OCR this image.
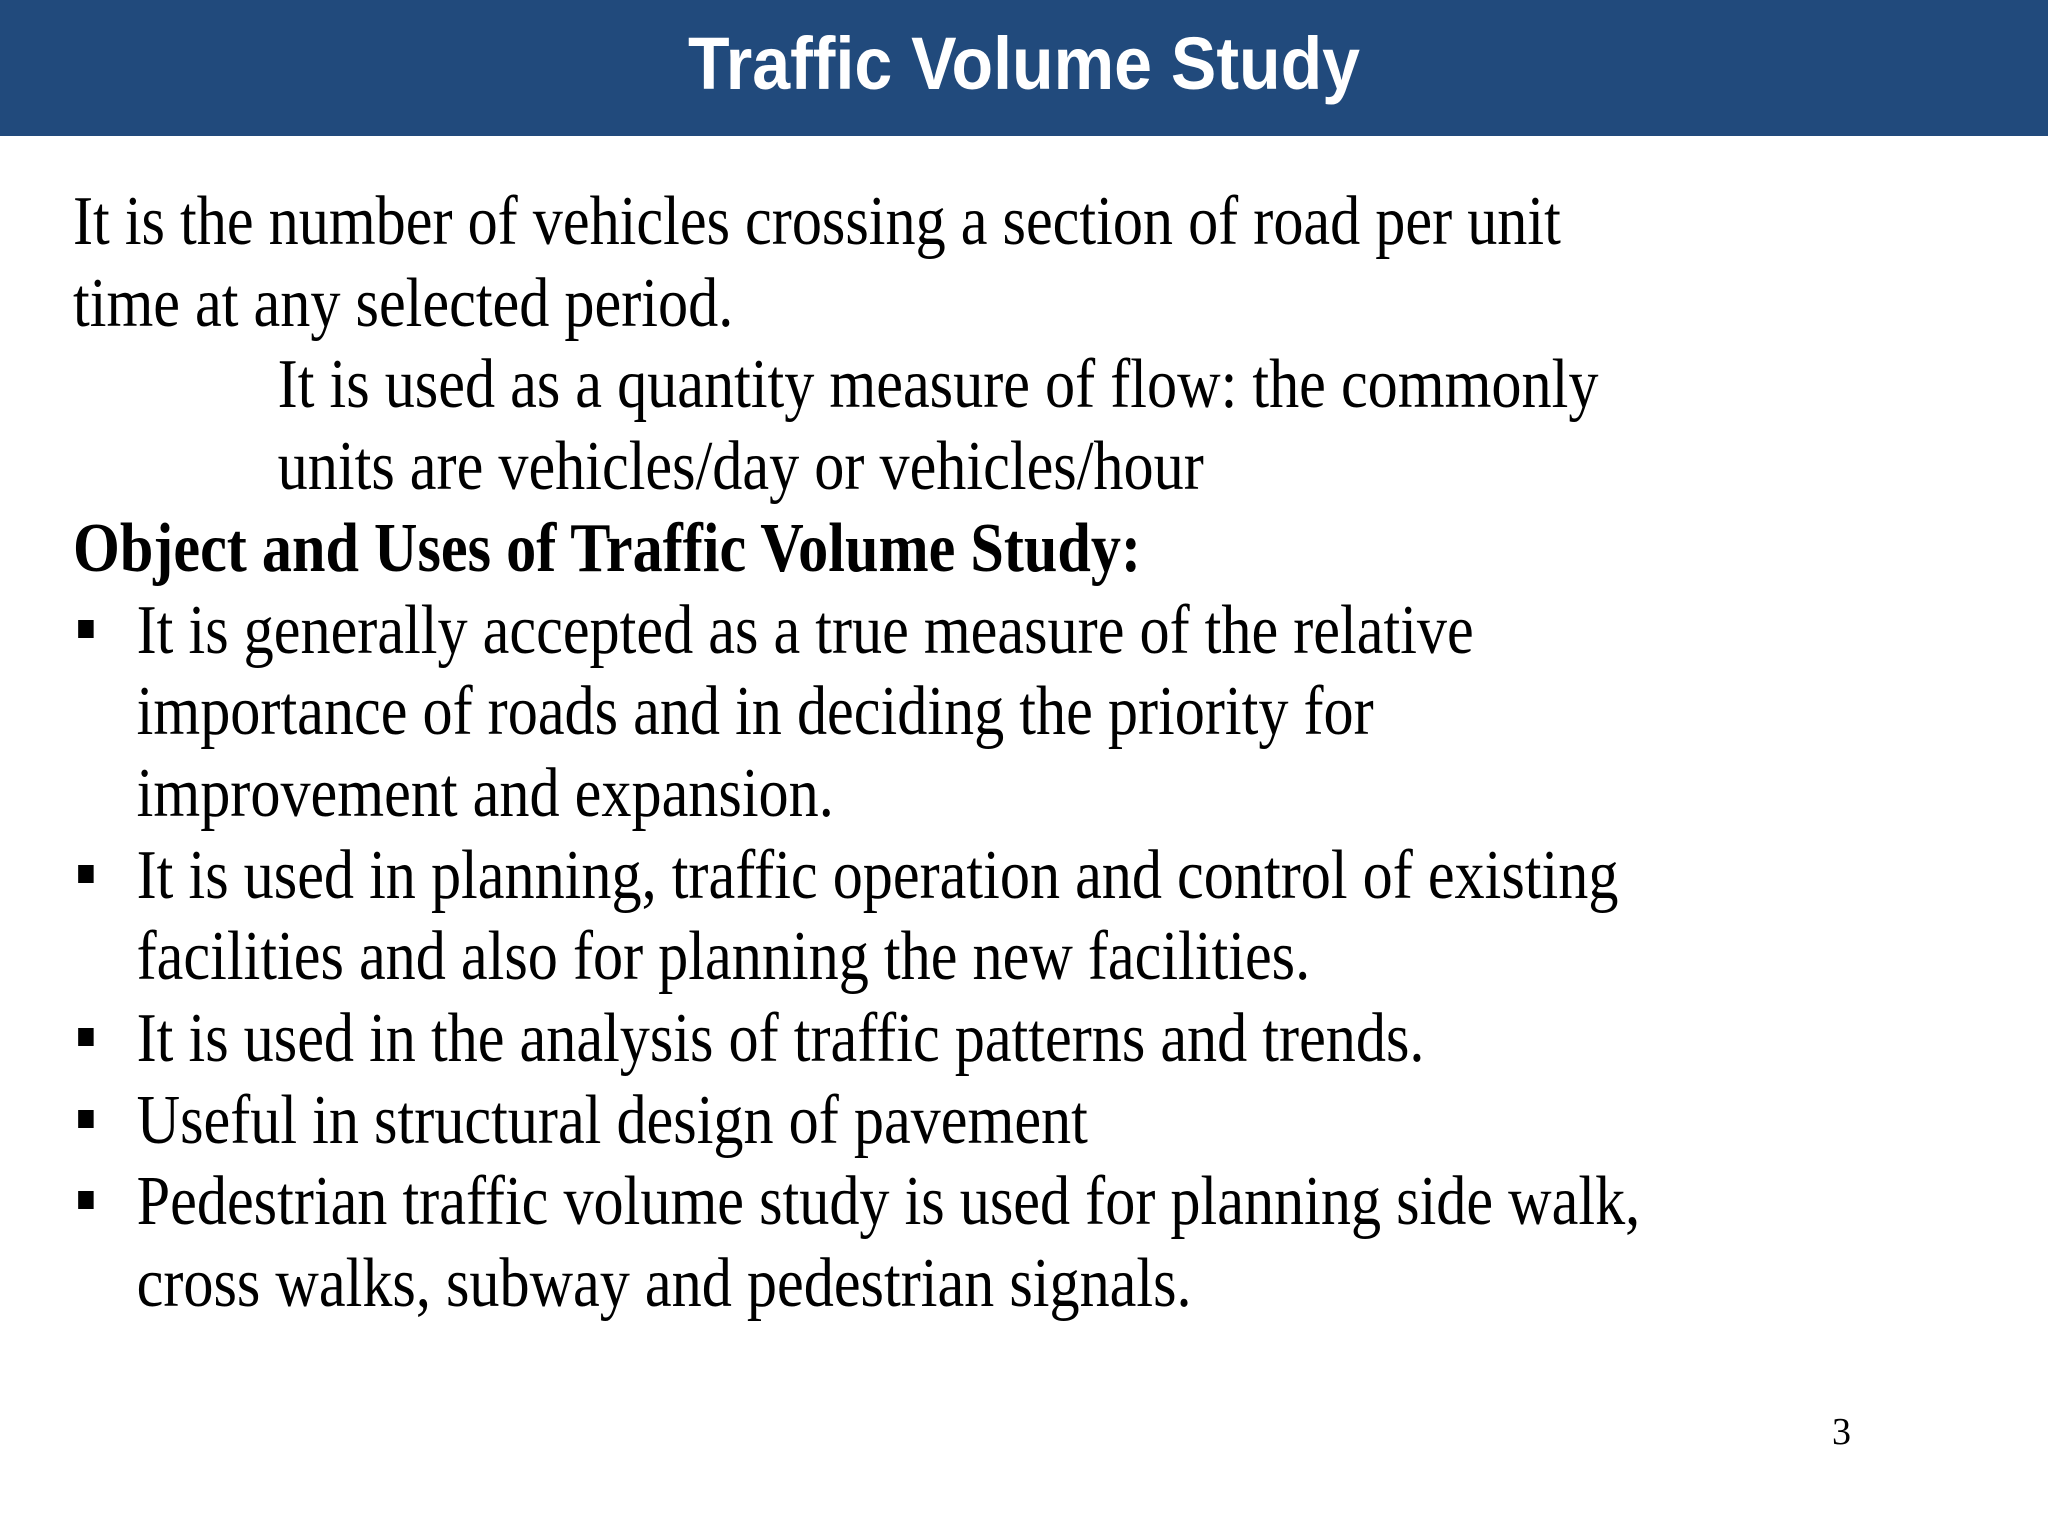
Traffic Volume Study
It is the number of vehicles crossing a section of road per unit
time at any selected period.
It is used as a quantity measure of flow: the commonly
units are vehicles/day or vehicles/hour
Object and Uses of Traffic Volume Study:
It is generally accepted as a true measure of the relative
importance of roads and in deciding the priority for
improvement and expansion.
It is used in planning, traffic operation and control of existing
facilities and also for planning the new facilities.
It is used in the analysis of traffic patterns and trends.
Useful in structural design of pavement
Pedestrian traffic volume study is used for planning side walk,
cross walks, subway and pedestrian signals.
3
